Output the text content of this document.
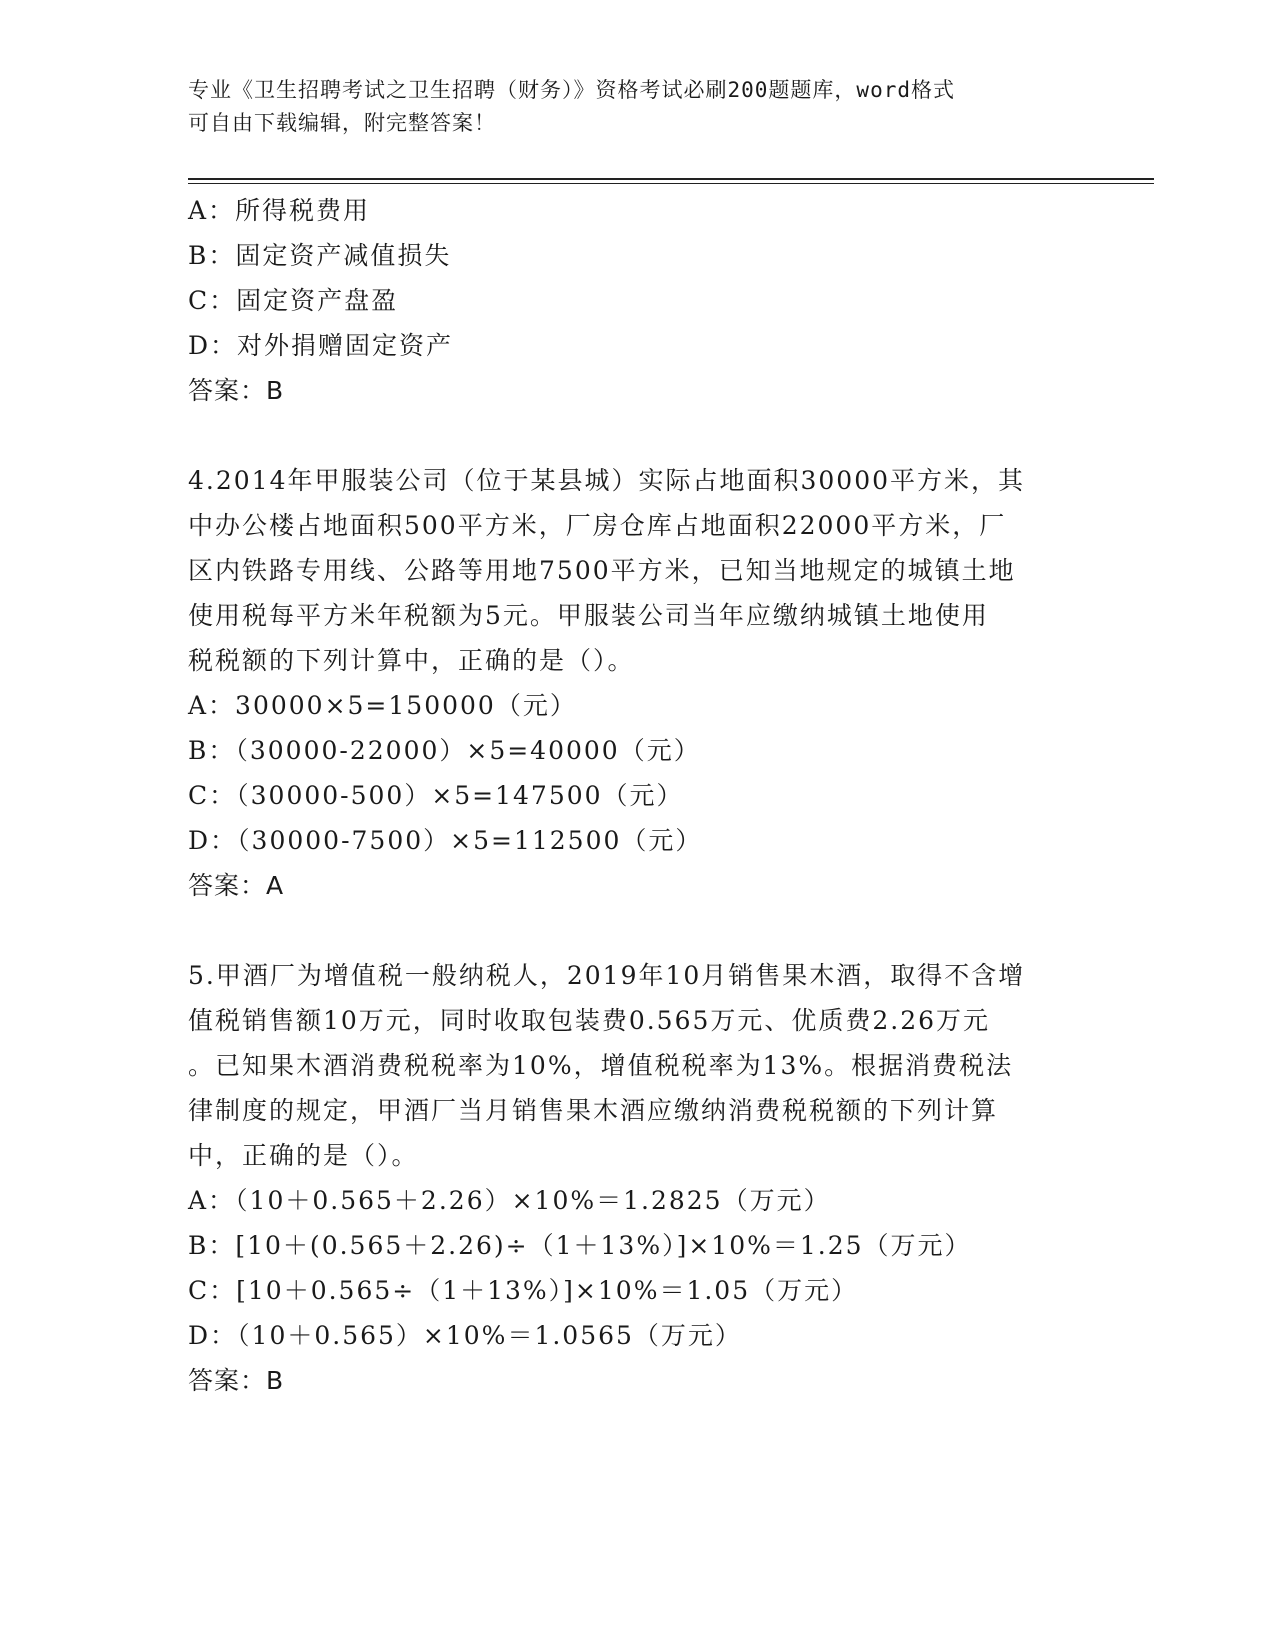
专业《卫生招聘考试之卫生招聘（财务）》资格考试必刷200题题库，word格式
可自由下载编辑，附完整答案！
A：所得税费用
B：固定资产减值损失
C：固定资产盘盈
D：对外捐赠固定资产
答案：B
4.2014年甲服装公司（位于某县城）实际占地面积30000平方米，其
中办公楼占地面积500平方米，厂房仓库占地面积22000平方米，厂
区内铁路专用线、公路等用地7500平方米，已知当地规定的城镇土地
使用税每平方米年税额为5元。甲服装公司当年应缴纳城镇土地使用
税税额的下列计算中，正确的是（）。
A：30000×5=150000（元）
B：（30000-22000）×5=40000（元）
C：（30000-500）×5=147500（元）
D：（30000-7500）×5=112500（元）
答案：A
5.甲酒厂为增值税一般纳税人，2019年10月销售果木酒，取得不含增
值税销售额10万元，同时收取包装费0.565万元、优质费2.26万元
。已知果木酒消费税税率为10%，增值税税率为13%。根据消费税法
律制度的规定，甲酒厂当月销售果木酒应缴纳消费税税额的下列计算
中，正确的是（）。
A：（10＋0.565＋2.26）×10%＝1.2825（万元）
B：[10＋(0.565＋2.26)÷（1＋13%）]×10%＝1.25（万元）
C：[10＋0.565÷（1＋13%）]×10%＝1.05（万元）
D：（10＋0.565）×10%＝1.0565（万元）
答案：B
